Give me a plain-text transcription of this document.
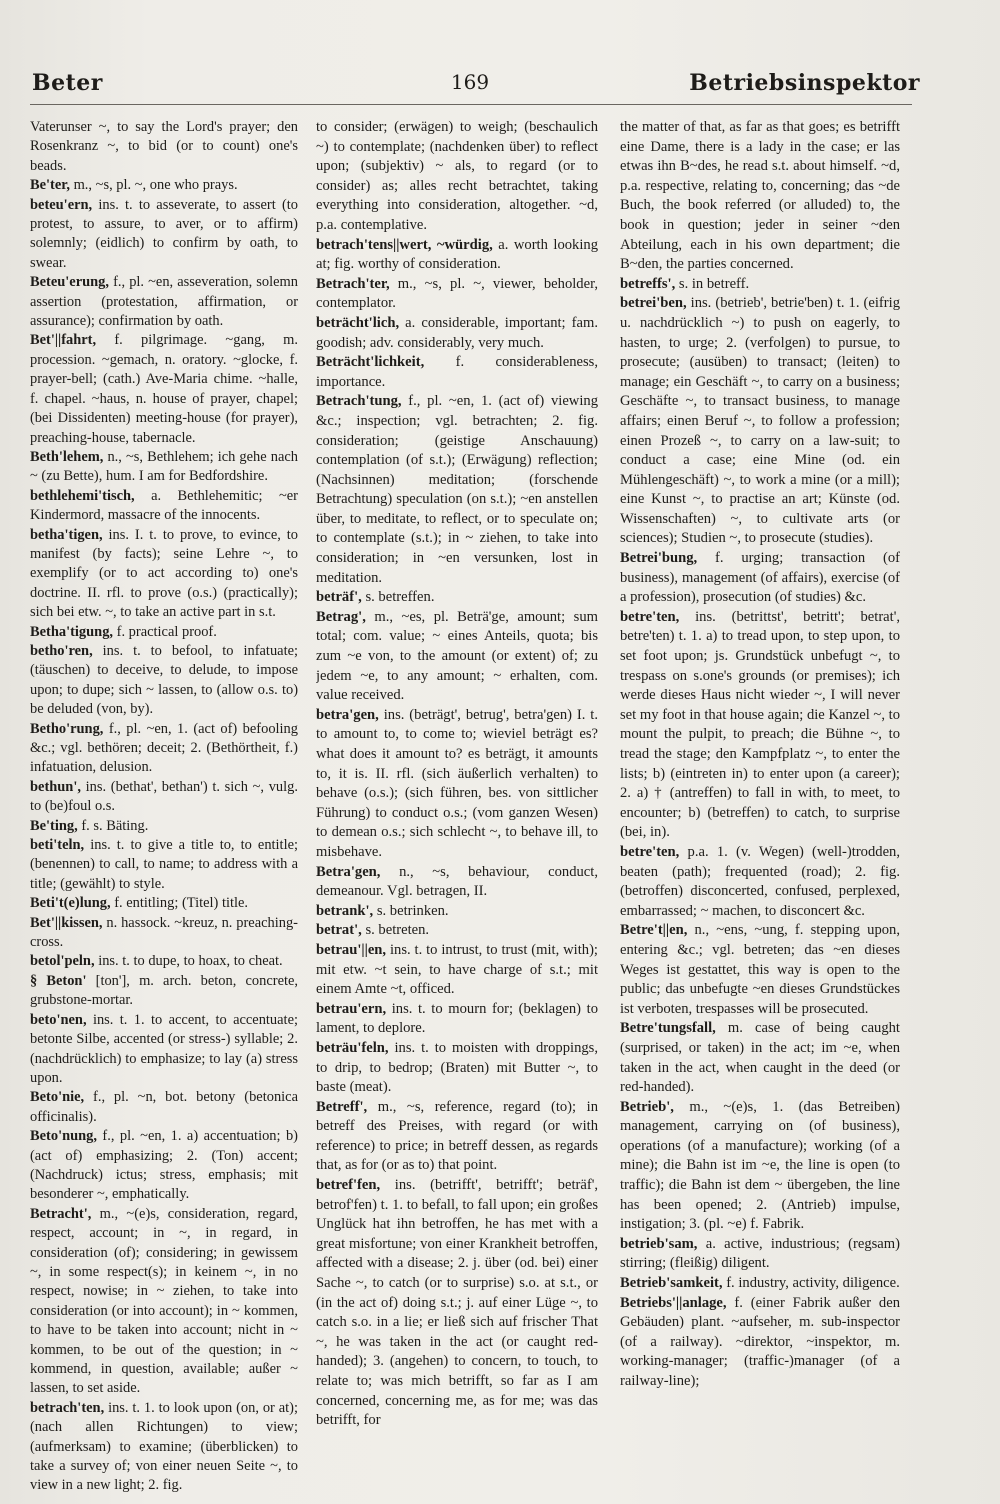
Beter	169	Betriebsinspektor

Vaterunser ~, to say the Lord's prayer; den Rosenkranz ~, to bid (or to count) one's beads.

Be'ter, m., ~s, pl. ~, one who prays.

beteu'ern, ins. t. to asseverate, to assert (to protest, to assure, to aver, or to affirm) solemnly; (eidlich) to confirm by oath, to swear.

Beteu'erung, f., pl. ~en, asseveration, solemn assertion (protestation, affirmation, or assurance); confirmation by oath.

Bet'||fahrt, f. pilgrimage. ~gang, m. procession. ~gemach, n. oratory. ~glocke, f. prayer-bell; (cath.) Ave-Maria chime. ~halle, f. chapel. ~haus, n. house of prayer, chapel; (bei Dissidenten) meeting-house (for prayer), preaching-house, tabernacle.

Beth'lehem, n., ~s, Bethlehem; ich gehe nach ~ (zu Bette), hum. I am for Bedfordshire.

bethlehemi'tisch, a. Bethlehemitic; ~er Kindermord, massacre of the innocents.

betha'tigen, ins. I. t. to prove, to evince, to manifest (by facts); seine Lehre ~, to exemplify (or to act according to) one's doctrine. II. rfl. to prove (o.s.) (practically); sich bei etw. ~, to take an active part in s.t.

Betha'tigung, f. practical proof.

betho'ren, ins. t. to befool, to infatuate; (täuschen) to deceive, to delude, to impose upon; to dupe; sich ~ lassen, to (allow o.s. to) be deluded (von, by).

Betho'rung, f., pl. ~en, 1. (act of) befooling &c.; vgl. bethören; deceit; 2. (Bethörtheit, f.) infatuation, delusion.

bethun', ins. (bethat', bethan') t. sich ~, vulg. to (be)foul o.s.

Be'ting, f. s. Bäting.

beti'teln, ins. t. to give a title to, to entitle; (benennen) to call, to name; to address with a title; (gewählt) to style.

Beti't(e)lung, f. entitling; (Titel) title.

Bet'||kissen, n. hassock. ~kreuz, n. preaching-cross.

betol'peln, ins. t. to dupe, to hoax, to cheat.

§ Beton' [ton'], m. arch. beton, concrete, grubstone-mortar.

beto'nen, ins. t. 1. to accent, to accentuate; betonte Silbe, accented (or stress-) syllable; 2. (nachdrücklich) to emphasize; to lay (a) stress upon.

Beto'nie, f., pl. ~n, bot. betony (betonica officinalis).

Beto'nung, f., pl. ~en, 1. a) accentuation; b) (act of) emphasizing; 2. (Ton) accent; (Nachdruck) ictus; stress, emphasis; mit besonderer ~, emphatically.

Betracht', m., ~(e)s, consideration, regard, respect, account; in ~, in regard, in consideration (of); considering; in gewissem ~, in some respect(s); in keinem ~, in no respect, nowise; in ~ ziehen, to take into consideration (or into account); in ~ kommen, to have to be taken into account; nicht in ~ kommen, to be out of the question; in ~ kommend, in question, available; außer ~ lassen, to set aside.

betrach'ten, ins. t. 1. to look upon (on, or at); (nach allen Richtungen) to view; (aufmerksam) to examine; (überblicken) to take a survey of; von einer neuen Seite ~, to view in a new light; 2. fig.

to consider; (erwägen) to weigh; (beschaulich ~) to contemplate; (nachdenken über) to reflect upon; (subjektiv) ~ als, to regard (or to consider) as; alles recht betrachtet, taking everything into consideration, altogether. ~d, p.a. contemplative.

betrach'tens||wert, ~würdig, a. worth looking at; fig. worthy of consideration.

Betrach'ter, m., ~s, pl. ~, viewer, beholder, contemplator.

beträcht'lich, a. considerable, important; fam. goodish; adv. considerably, very much.

Beträcht'lichkeit, f. considerableness, importance.

Betrach'tung, f., pl. ~en, 1. (act of) viewing &c.; inspection; vgl. betrachten; 2. fig. consideration; (geistige Anschauung) contemplation (of s.t.); (Erwägung) reflection; (Nachsinnen) meditation; (forschende Betrachtung) speculation (on s.t.); ~en anstellen über, to meditate, to reflect, or to speculate on; to contemplate (s.t.); in ~ ziehen, to take into consideration; in ~en versunken, lost in meditation.

beträf', s. betreffen.

Betrag', m., ~es, pl. Beträ'ge, amount; sum total; com. value; ~ eines Anteils, quota; bis zum ~e von, to the amount (or extent) of; zu jedem ~e, to any amount; ~ erhalten, com. value received.

betra'gen, ins. (beträgt', betrug', betra'gen) I. t. to amount to, to come to; wieviel beträgt es? what does it amount to? es beträgt, it amounts to, it is. II. rfl. (sich äußerlich verhalten) to behave (o.s.); (sich führen, bes. von sittlicher Führung) to conduct o.s.; (vom ganzen Wesen) to demean o.s.; sich schlecht ~, to behave ill, to misbehave.

Betra'gen, n., ~s, behaviour, conduct, demeanour. Vgl. betragen, II.

betrank', s. betrinken.

betrat', s. betreten.

betrau'||en, ins. t. to intrust, to trust (mit, with); mit etw. ~t sein, to have charge of s.t.; mit einem Amte ~t, officed.

betrau'ern, ins. t. to mourn for; (beklagen) to lament, to deplore.

beträu'feln, ins. t. to moisten with droppings, to drip, to bedrop; (Braten) mit Butter ~, to baste (meat).

Betreff', m., ~s, reference, regard (to); in betreff des Preises, with regard (or with reference) to price; in betreff dessen, as regards that, as for (or as to) that point.

betref'fen, ins. (betrifft', betrifft'; beträf', betrof'fen) t. 1. to befall, to fall upon; ein großes Unglück hat ihn betroffen, he has met with a great misfortune; von einer Krankheit betroffen, affected with a disease; 2. j. über (od. bei) einer Sache ~, to catch (or to surprise) s.o. at s.t., or (in the act of) doing s.t.; j. auf einer Lüge ~, to catch s.o. in a lie; er ließ sich auf frischer That ~, he was taken in the act (or caught red-handed); 3. (angehen) to concern, to touch, to relate to; was mich betrifft, so far as I am concerned, concerning me, as for me; was das betrifft, for

the matter of that, as far as that goes; es betrifft eine Dame, there is a lady in the case; er las etwas ihn B~des, he read s.t. about himself. ~d, p.a. respective, relating to, concerning; das ~de Buch, the book referred (or alluded) to, the book in question; jeder in seiner ~den Abteilung, each in his own department; die B~den, the parties concerned.

betreffs', s. in betreff.

betrei'ben, ins. (betrieb', betrie'ben) t. 1. (eifrig u. nachdrücklich ~) to push on eagerly, to hasten, to urge; 2. (verfolgen) to pursue, to prosecute; (ausüben) to transact; (leiten) to manage; ein Geschäft ~, to carry on a business; Geschäfte ~, to transact business, to manage affairs; einen Beruf ~, to follow a profession; einen Prozeß ~, to carry on a law-suit; to conduct a case; eine Mine (od. ein Mühlengeschäft) ~, to work a mine (or a mill); eine Kunst ~, to practise an art; Künste (od. Wissenschaften) ~, to cultivate arts (or sciences); Studien ~, to prosecute (studies).

Betrei'bung, f. urging; transaction (of business), management (of affairs), exercise (of a profession), prosecution (of studies) &c.

betre'ten, ins. (betrittst', betritt'; betrat', betre'ten) t. 1. a) to tread upon, to step upon, to set foot upon; js. Grundstück unbefugt ~, to trespass on s.one's grounds (or premises); ich werde dieses Haus nicht wieder ~, I will never set my foot in that house again; die Kanzel ~, to mount the pulpit, to preach; die Bühne ~, to tread the stage; den Kampfplatz ~, to enter the lists; b) (eintreten in) to enter upon (a career); 2. a) † (antreffen) to fall in with, to meet, to encounter; b) (betreffen) to catch, to surprise (bei, in).

betre'ten, p.a. 1. (v. Wegen) (well-)trodden, beaten (path); frequented (road); 2. fig. (betroffen) disconcerted, confused, perplexed, embarrassed; ~ machen, to disconcert &c.

Betre't||en, n., ~ens, ~ung, f. stepping upon, entering &c.; vgl. betreten; das ~en dieses Weges ist gestattet, this way is open to the public; das unbefugte ~en dieses Grundstückes ist verboten, trespasses will be prosecuted.

Betre'tungsfall, m. case of being caught (surprised, or taken) in the act; im ~e, when taken in the act, when caught in the deed (or red-handed).

Betrieb', m., ~(e)s, 1. (das Betreiben) management, carrying on (of business), operations (of a manufacture); working (of a mine); die Bahn ist im ~e, the line is open (to traffic); die Bahn ist dem ~ übergeben, the line has been opened; 2. (Antrieb) impulse, instigation; 3. (pl. ~e) f. Fabrik.

betrieb'sam, a. active, industrious; (regsam) stirring; (fleißig) diligent.

Betrieb'samkeit, f. industry, activity, diligence.

Betriebs'||anlage, f. (einer Fabrik außer den Gebäuden) plant. ~aufseher, m. sub-inspector (of a railway). ~direktor, ~inspektor, m. working-manager; (traffic-)manager (of a railway-line);
